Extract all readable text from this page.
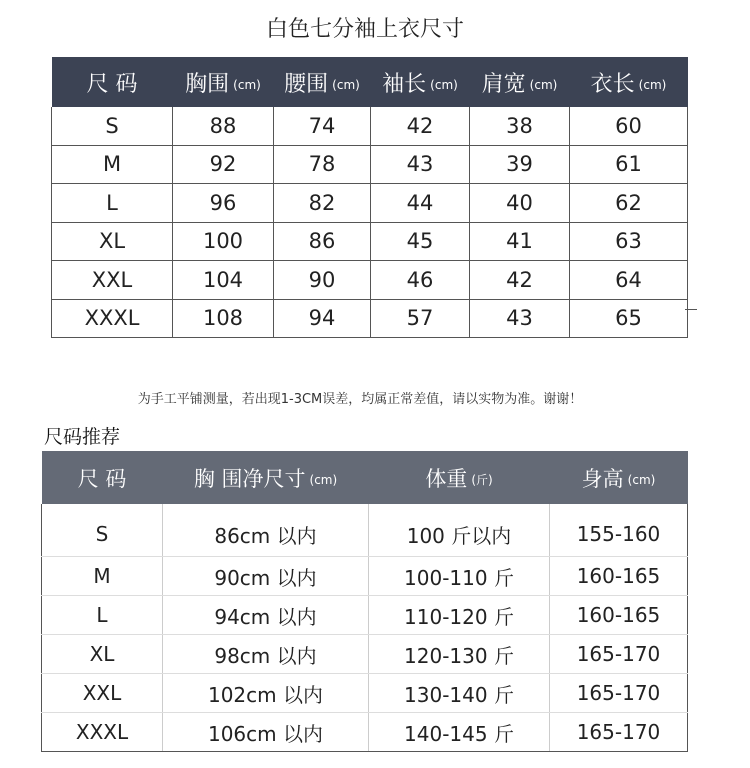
白色七分袖上衣尺寸
尺 码	胸围 (cm)	腰围 (cm)	袖长 (cm)	肩宽 (cm)	衣长 (cm)
S	88	74	42	38	60
M	92	78	43	39	61
L	96	82	44	40	62
XL	100	86	45	41	63
XXL	104	90	46	42	64
XXXL	108	94	57	43	65
为手工平铺测量，若出现1-3CM误差，均属正常差值，请以实物为准。谢谢！
尺码推荐
尺 码	胸 围净尺寸 (cm)	体重 (斤)	身高 (cm)
S	86cm 以内	100 斤以内	155-160
M	90cm 以内	100-110 斤	160-165
L	94cm 以内	110-120 斤	160-165
XL	98cm 以内	120-130 斤	165-170
XXL	102cm 以内	130-140 斤	165-170
XXXL	106cm 以内	140-145 斤	165-170
